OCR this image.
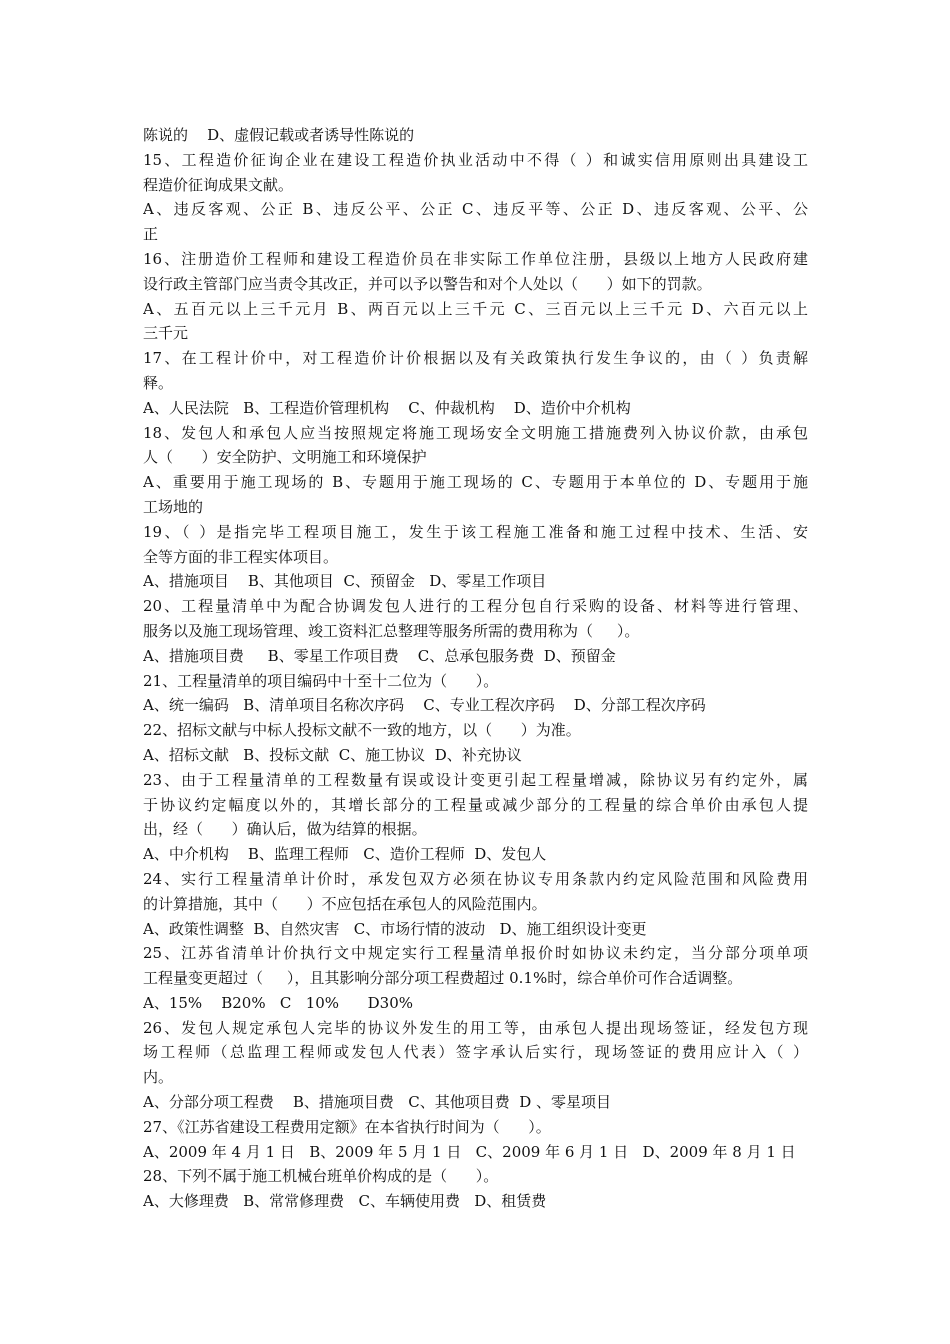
陈说的    D、虚假记载或者诱导性陈说的
15、工程造价征询企业在建设工程造价执业活动中不得（ ）和诚实信用原则出具建设工
程造价征询成果文献。
A、违反客观、公正 B、违反公平、公正 C、违反平等、公正 D、违反客观、公平、公
正
16、注册造价工程师和建设工程造价员在非实际工作单位注册，县级以上地方人民政府建
设行政主管部门应当责令其改正，并可以予以警告和对个人处以（      ）如下的罚款。
A、五百元以上三千元月 B、两百元以上三千元 C、三百元以上三千元 D、六百元以上
三千元
17、在工程计价中，对工程造价计价根据以及有关政策执行发生争议的，由（ ）负责解
释。
A、人民法院   B、工程造价管理机构    C、仲裁机构    D、造价中介机构
18、发包人和承包人应当按照规定将施工现场安全文明施工措施费列入协议价款，由承包
人（      ）安全防护、文明施工和环境保护
A、重要用于施工现场的 B、专题用于施工现场的 C、专题用于本单位的 D、专题用于施
工场地的
19、（ ）是指完毕工程项目施工，发生于该工程施工准备和施工过程中技术、生活、安
全等方面的非工程实体项目。
A、措施项目    B、其他项目  C、预留金   D、零星工作项目
20、工程量清单中为配合协调发包人进行的工程分包自行采购的设备、材料等进行管理、
服务以及施工现场管理、竣工资料汇总整理等服务所需的费用称为（     ）。
A、措施项目费     B、零星工作项目费    C、总承包服务费  D、预留金
21、工程量清单的项目编码中十至十二位为（      ）。
A、统一编码   B、清单项目名称次序码    C、专业工程次序码    D、分部工程次序码
22、招标文献与中标人投标文献不一致的地方，以（      ）为准。
A、招标文献   B、投标文献  C、施工协议  D、补充协议
23、由于工程量清单的工程数量有误或设计变更引起工程量增减，除协议另有约定外，属
于协议约定幅度以外的，其增长部分的工程量或减少部分的工程量的综合单价由承包人提
出，经（      ）确认后，做为结算的根据。
A、中介机构    B、监理工程师   C、造价工程师  D、发包人
24、实行工程量清单计价时，承发包双方必须在协议专用条款内约定风险范围和风险费用
的计算措施，其中（      ）不应包括在承包人的风险范围内。
A、政策性调整  B、自然灾害   C、市场行情的波动   D、施工组织设计变更
25、江苏省清单计价执行文中规定实行工程量清单报价时如协议未约定，当分部分项单项
工程量变更超过（     ），且其影响分部分项工程费超过 0.1%时，综合单价可作合适调整。
A、15%    B20%   C   10%      D30%
26、发包人规定承包人完毕的协议外发生的用工等，由承包人提出现场签证，经发包方现
场工程师（总监理工程师或发包人代表）签字承认后实行，现场签证的费用应计入（ ）
内。
A、分部分项工程费    B、措施项目费   C、其他项目费  D 、零星项目
27、《江苏省建设工程费用定额》在本省执行时间为（      ）。
A、2009 年 4 月 1 日   B、2009 年 5 月 1 日   C、2009 年 6 月 1 日   D、2009 年 8 月 1 日
28、下列不属于施工机械台班单价构成的是（      ）。
A、大修理费   B、常常修理费   C、车辆使用费   D、租赁费
